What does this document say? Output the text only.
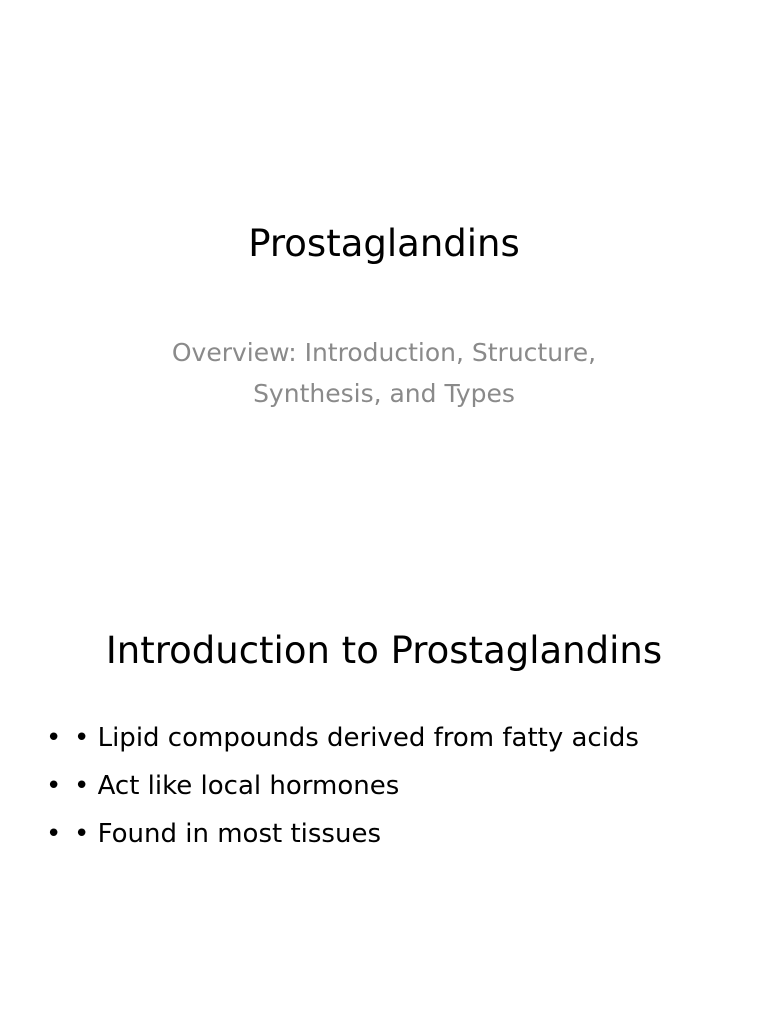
Prostaglandins

Overview: Introduction, Structure, Synthesis, and Types

Introduction to Prostaglandins
• • Lipid compounds derived from fatty acids
• • Act like local hormones
• • Found in most tissues
